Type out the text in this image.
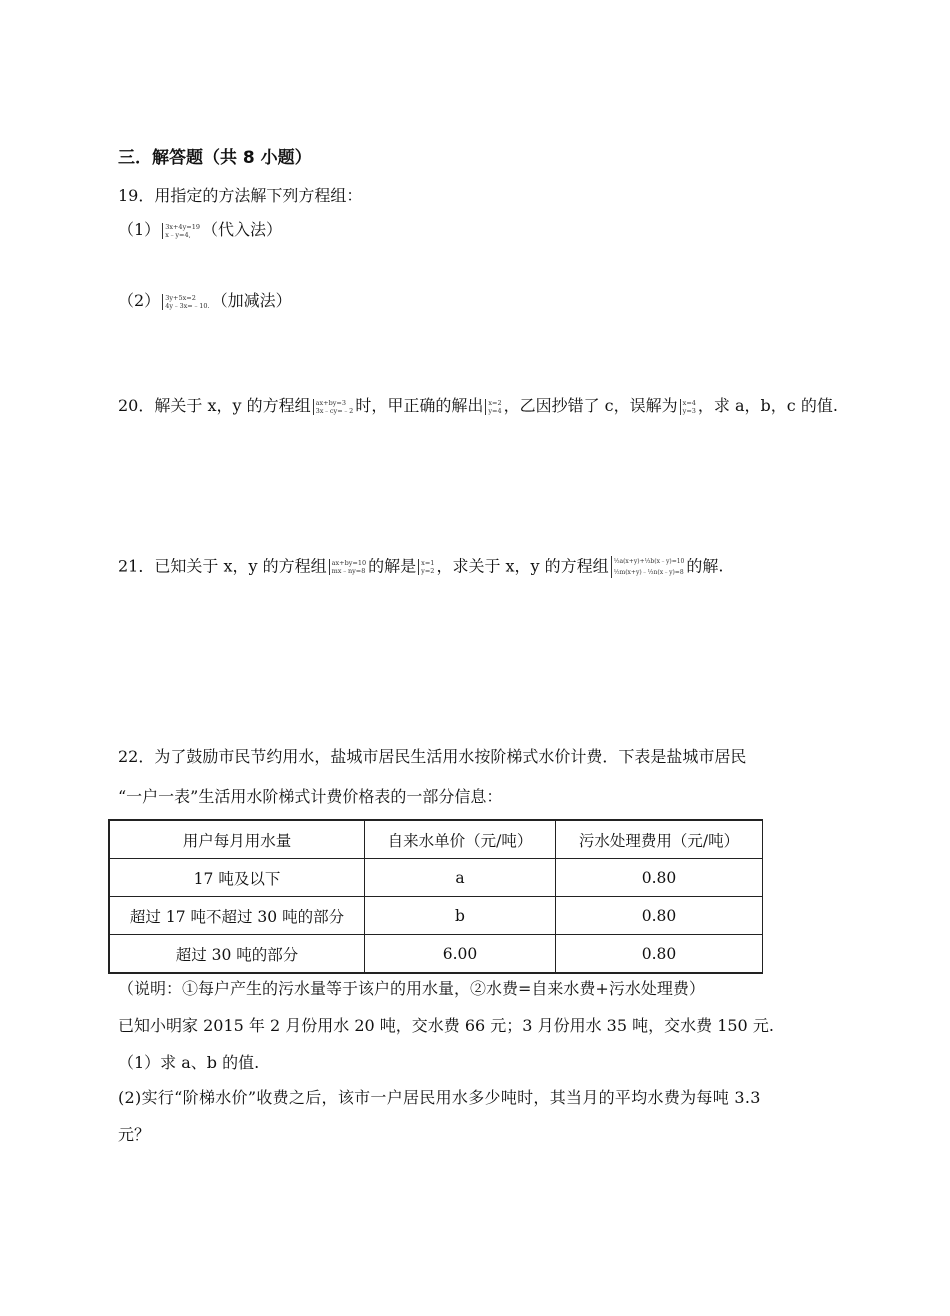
三．解答题（共 8 小题）
19．用指定的方法解下列方程组：
（1） 3x+4y=19
x﹣y=4, （代入法）
（2） 3y+5x=2
4y﹣3x=﹣10. （加减法）
20．解关于 x，y 的方程组 ax+by=3
3x﹣cy=﹣2 时，甲正确的解出 x=2
y=4 ，乙因抄错了 c，误解为 x=4
y=3 ，求 a，b，c 的值.
21．已知关于 x，y 的方程组 ax+by=10
mx﹣ny=8 的解是 x=1
y=2 ，求关于 x，y 的方程组 ½a(x+y)+⅓b(x﹣y)=10
½m(x+y)﹣⅓n(x﹣y)=8 的解.
22．为了鼓励市民节约用水，盐城市居民生活用水按阶梯式水价计费．下表是盐城市居民
“一户一表”生活用水阶梯式计费价格表的一部分信息：
用户每月用水量	自来水单价（元/吨）	污水处理费用（元/吨）
17 吨及以下	a	0.80
超过 17 吨不超过 30 吨的部分	b	0.80
超过 30 吨的部分	6.00	0.80
（说明：①每户产生的污水量等于该户的用水量，②水费=自来水费+污水处理费）
已知小明家 2015 年 2 月份用水 20 吨，交水费 66 元；3 月份用水 35 吨，交水费 150 元.
（1）求 a、b 的值.
(2)实行“阶梯水价”收费之后，该市一户居民用水多少吨时，其当月的平均水费为每吨 3.3
元？
